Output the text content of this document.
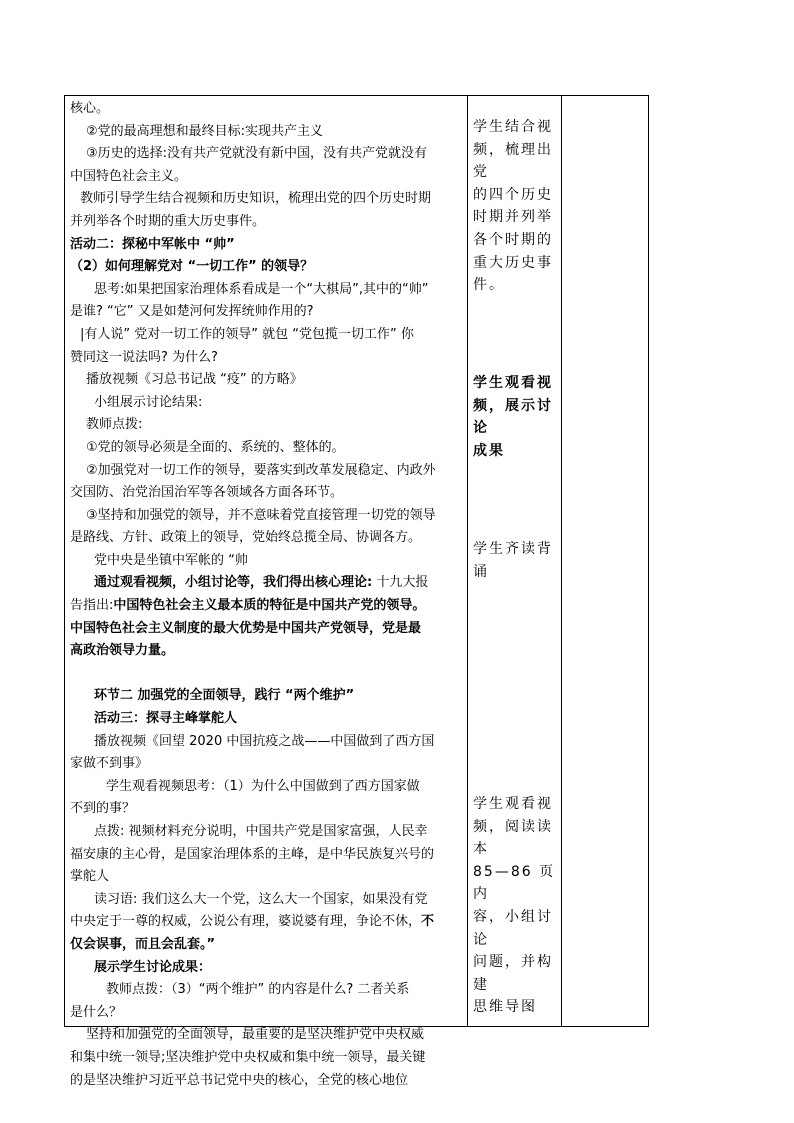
核心。

②党的最高理想和最终目标:实现共产主义

③历史的选择:没有共产党就没有新中国，没有共产党就没有

中国特色社会主义。

教师引导学生结合视频和历史知识，梳理出党的四个历史时期

并列举各个时期的重大历史事件。

活动二：探秘中军帐中 “帅”

（2）如何理解党对 “一切工作” 的领导？

思考:如果把国家治理体系看成是一个“大棋局”,其中的“帅”

是谁? “它” 又是如楚河何发挥统帅作用的?

|有人说” 党对一切工作的领导” 就包 “党包揽一切工作” 你

赞同这一说法吗? 为什么?

播放视频《习总书记战 “疫” 的方略》

小组展示讨论结果:

教师点拨:

①党的领导必须是全面的、系统的、整体的。

②加强党对一切工作的领导，要落实到改革发展稳定、内政外

交国防、治党治国治军等各领域各方面各环节。

③坚持和加强党的领导，并不意味着党直接管理一切党的领导

是路线、方针、政策上的领导，党始终总揽全局、协调各方。

党中央是坐镇中军帐的 “帅

通过观看视频，小组讨论等，我们得出核心理论: 十九大报

告指出:中国特色社会主义最本质的特征是中国共产党的领导。

中国特色社会主义制度的最大优势是中国共产党领导，党是最

高政治领导力量。

环节二 加强党的全面领导，践行 “两个维护”

活动三：探寻主峰掌舵人

播放视频《回望 2020 中国抗疫之战——中国做到了西方国

家做不到事》

学生观看视频思考：（1）为什么中国做到了西方国家做

不到的事？

点拨: 视频材料充分说明，中国共产党是国家富强，人民幸

福安康的主心骨，是国家治理体系的主峰，是中华民族复兴号的

掌舵人

读习语: 我们这么大一个党，这么大一个国家，如果没有党

中央定于一尊的权威，公说公有理，婆说婆有理，争论不休，不

仅会误事，而且会乱套。”

展示学生讨论成果：

教师点拨：（3）“两个维护” 的内容是什么? 二者关系

是什么？

坚持和加强党的全面领导，最重要的是坚决维护党中央权威

和集中统一领导;坚决维护党中央权威和集中统一领导，最关键

的是坚决维护习近平总书记党中央的核心，全党的核心地位

学生结合视

频，梳理出党

的四个历史

时期并列举

各个时期的

重大历史事

件。

学生观看视

频，展示讨论

成果

学生齐读背

诵

学生观看视

频，阅读读本

85—86 页内

容，小组讨论

问题，并构建

思维导图
